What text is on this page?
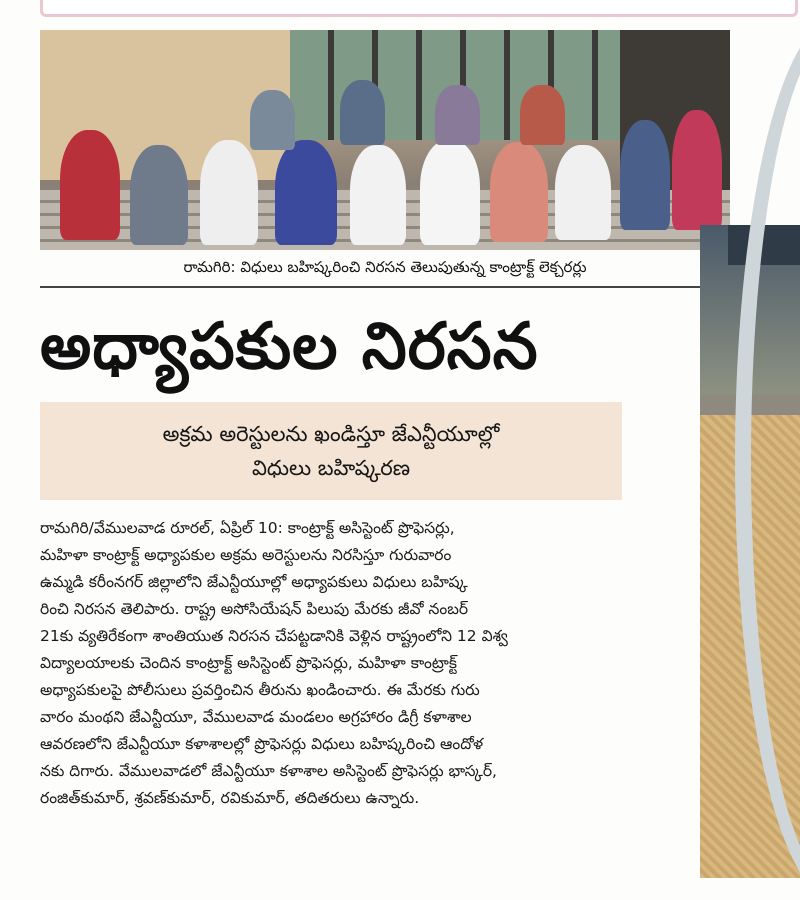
రామగిరి: విధులు బహిష్కరించి నిరసన తెలుపుతున్న కాంట్రాక్ట్ లెక్చరర్లు
అధ్యాపకుల నిరసన
అక్రమ అరెస్టులను ఖండిస్తూ జేఎన్టీయూల్లో
విధులు బహిష్కరణ
రామగిరి/వేములవాడ రూరల్, ఏప్రిల్ 10: కాంట్రాక్ట్ అసిస్టెంట్ ప్రొఫెసర్లు,
మహిళా కాంట్రాక్ట్ అధ్యాపకుల అక్రమ అరెస్టులను నిరసిస్తూ గురువారం
ఉమ్మడి కరీంనగర్ జిల్లాలోని జేఎన్టీయూల్లో అధ్యాపకులు విధులు బహిష్క
రించి నిరసన తెలిపారు. రాష్ట్ర అసోసియేషన్ పిలుపు మేరకు జీవో నంబర్
21కు వ్యతిరేకంగా శాంతియుత నిరసన చేపట్టడానికి వెళ్లిన రాష్ట్రంలోని 12 విశ్వ
విద్యాలయాలకు చెందిన కాంట్రాక్ట్ అసిస్టెంట్ ప్రొఫెసర్లు, మహిళా కాంట్రాక్ట్
అధ్యాపకులపై పోలీసులు ప్రవర్తించిన తీరును ఖండించారు. ఈ మేరకు గురు
వారం మంథని జేఎన్టీయూ, వేములవాడ మండలం అగ్రహారం డిగ్రీ కళాశాల
ఆవరణలోని జేఎన్టీయూ కళాశాలల్లో ప్రొఫెసర్లు విధులు బహిష్కరించి ఆందోళ
నకు దిగారు. వేములవాడలో జేఎన్టీయూ కళాశాల అసిస్టెంట్ ప్రొఫెసర్లు భాస్కర్,
రంజిత్‌కుమార్, శ్రవణ్‌కుమార్, రవికుమార్, తదితరులు ఉన్నారు.
